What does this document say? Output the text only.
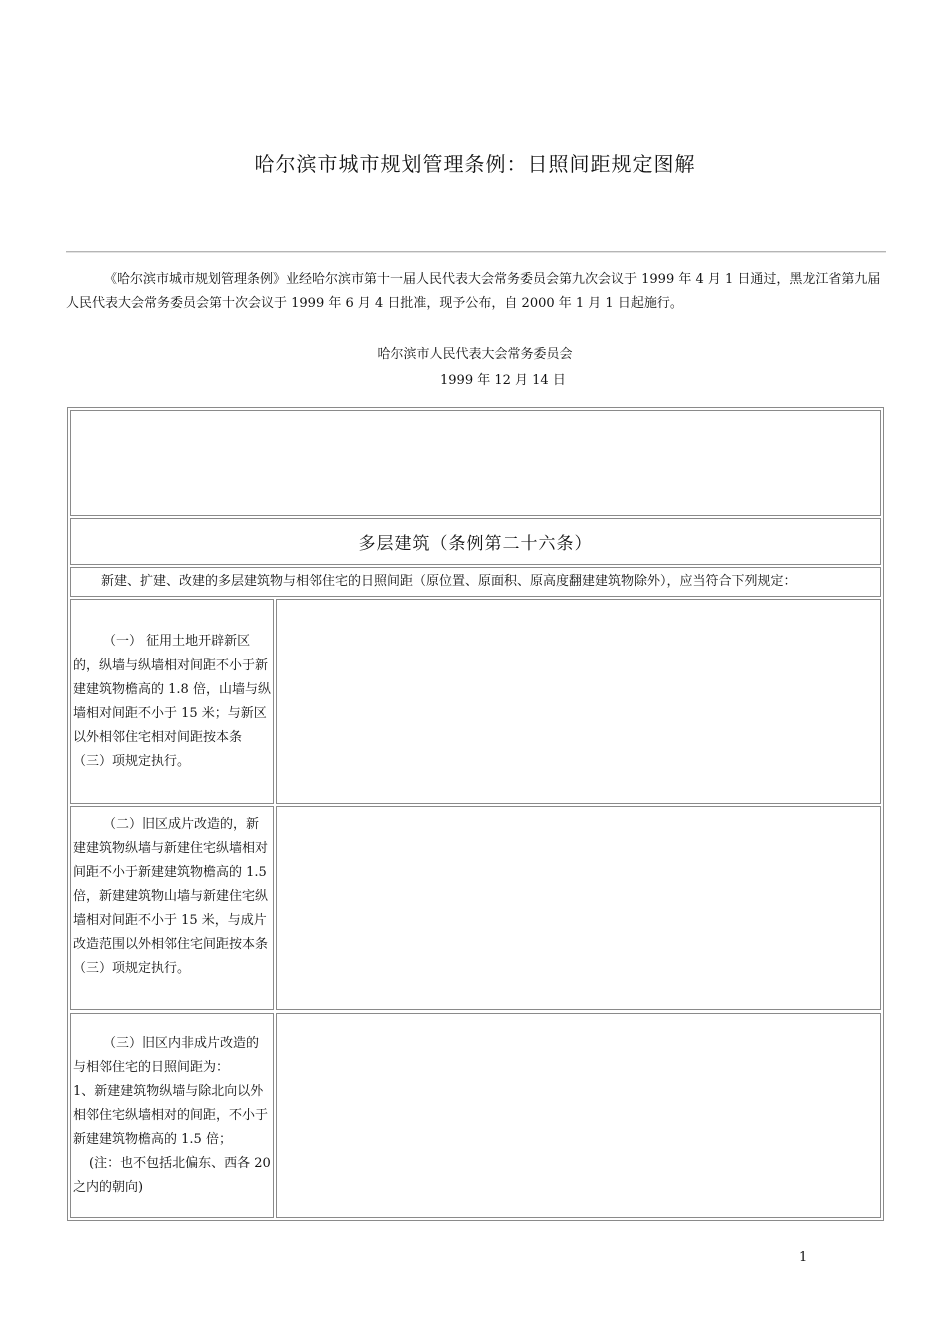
哈尔滨市城市规划管理条例：日照间距规定图解
《哈尔滨市城市规划管理条例》业经哈尔滨市第十一届人民代表大会常务委员会第九次会议于 1999 年 4 月 1 日通过，黑龙江省第九届人民代表大会常务委员会第十次会议于 1999 年 6 月 4 日批准，现予公布，自 2000 年 1 月 1 日起施行。
哈尔滨市人民代表大会常务委员会
1999 年 12 月 14 日
多层建筑（条例第二十六条）
新建、扩建、改建的多层建筑物与相邻住宅的日照间距（原位置、原面积、原高度翻建建筑物除外），应当符合下列规定：
（一） 征用土地开辟新区的，纵墙与纵墙相对间距不小于新建建筑物檐高的 1.8 倍，山墙与纵墙相对间距不小于 15 米；与新区以外相邻住宅相对间距按本条（三）项规定执行。
（二）旧区成片改造的，新建建筑物纵墙与新建住宅纵墙相对间距不小于新建建筑物檐高的 1.5 倍，新建建筑物山墙与新建住宅纵墙相对间距不小于 15 米，与成片改造范围以外相邻住宅间距按本条（三）项规定执行。
（三）旧区内非成片改造的与相邻住宅的日照间距为：
1、新建建筑物纵墙与除北向以外相邻住宅纵墙相对的间距，不小于新建建筑物檐高的 1.5 倍；
(注：也不包括北偏东、西各 20 之内的朝向)
1
